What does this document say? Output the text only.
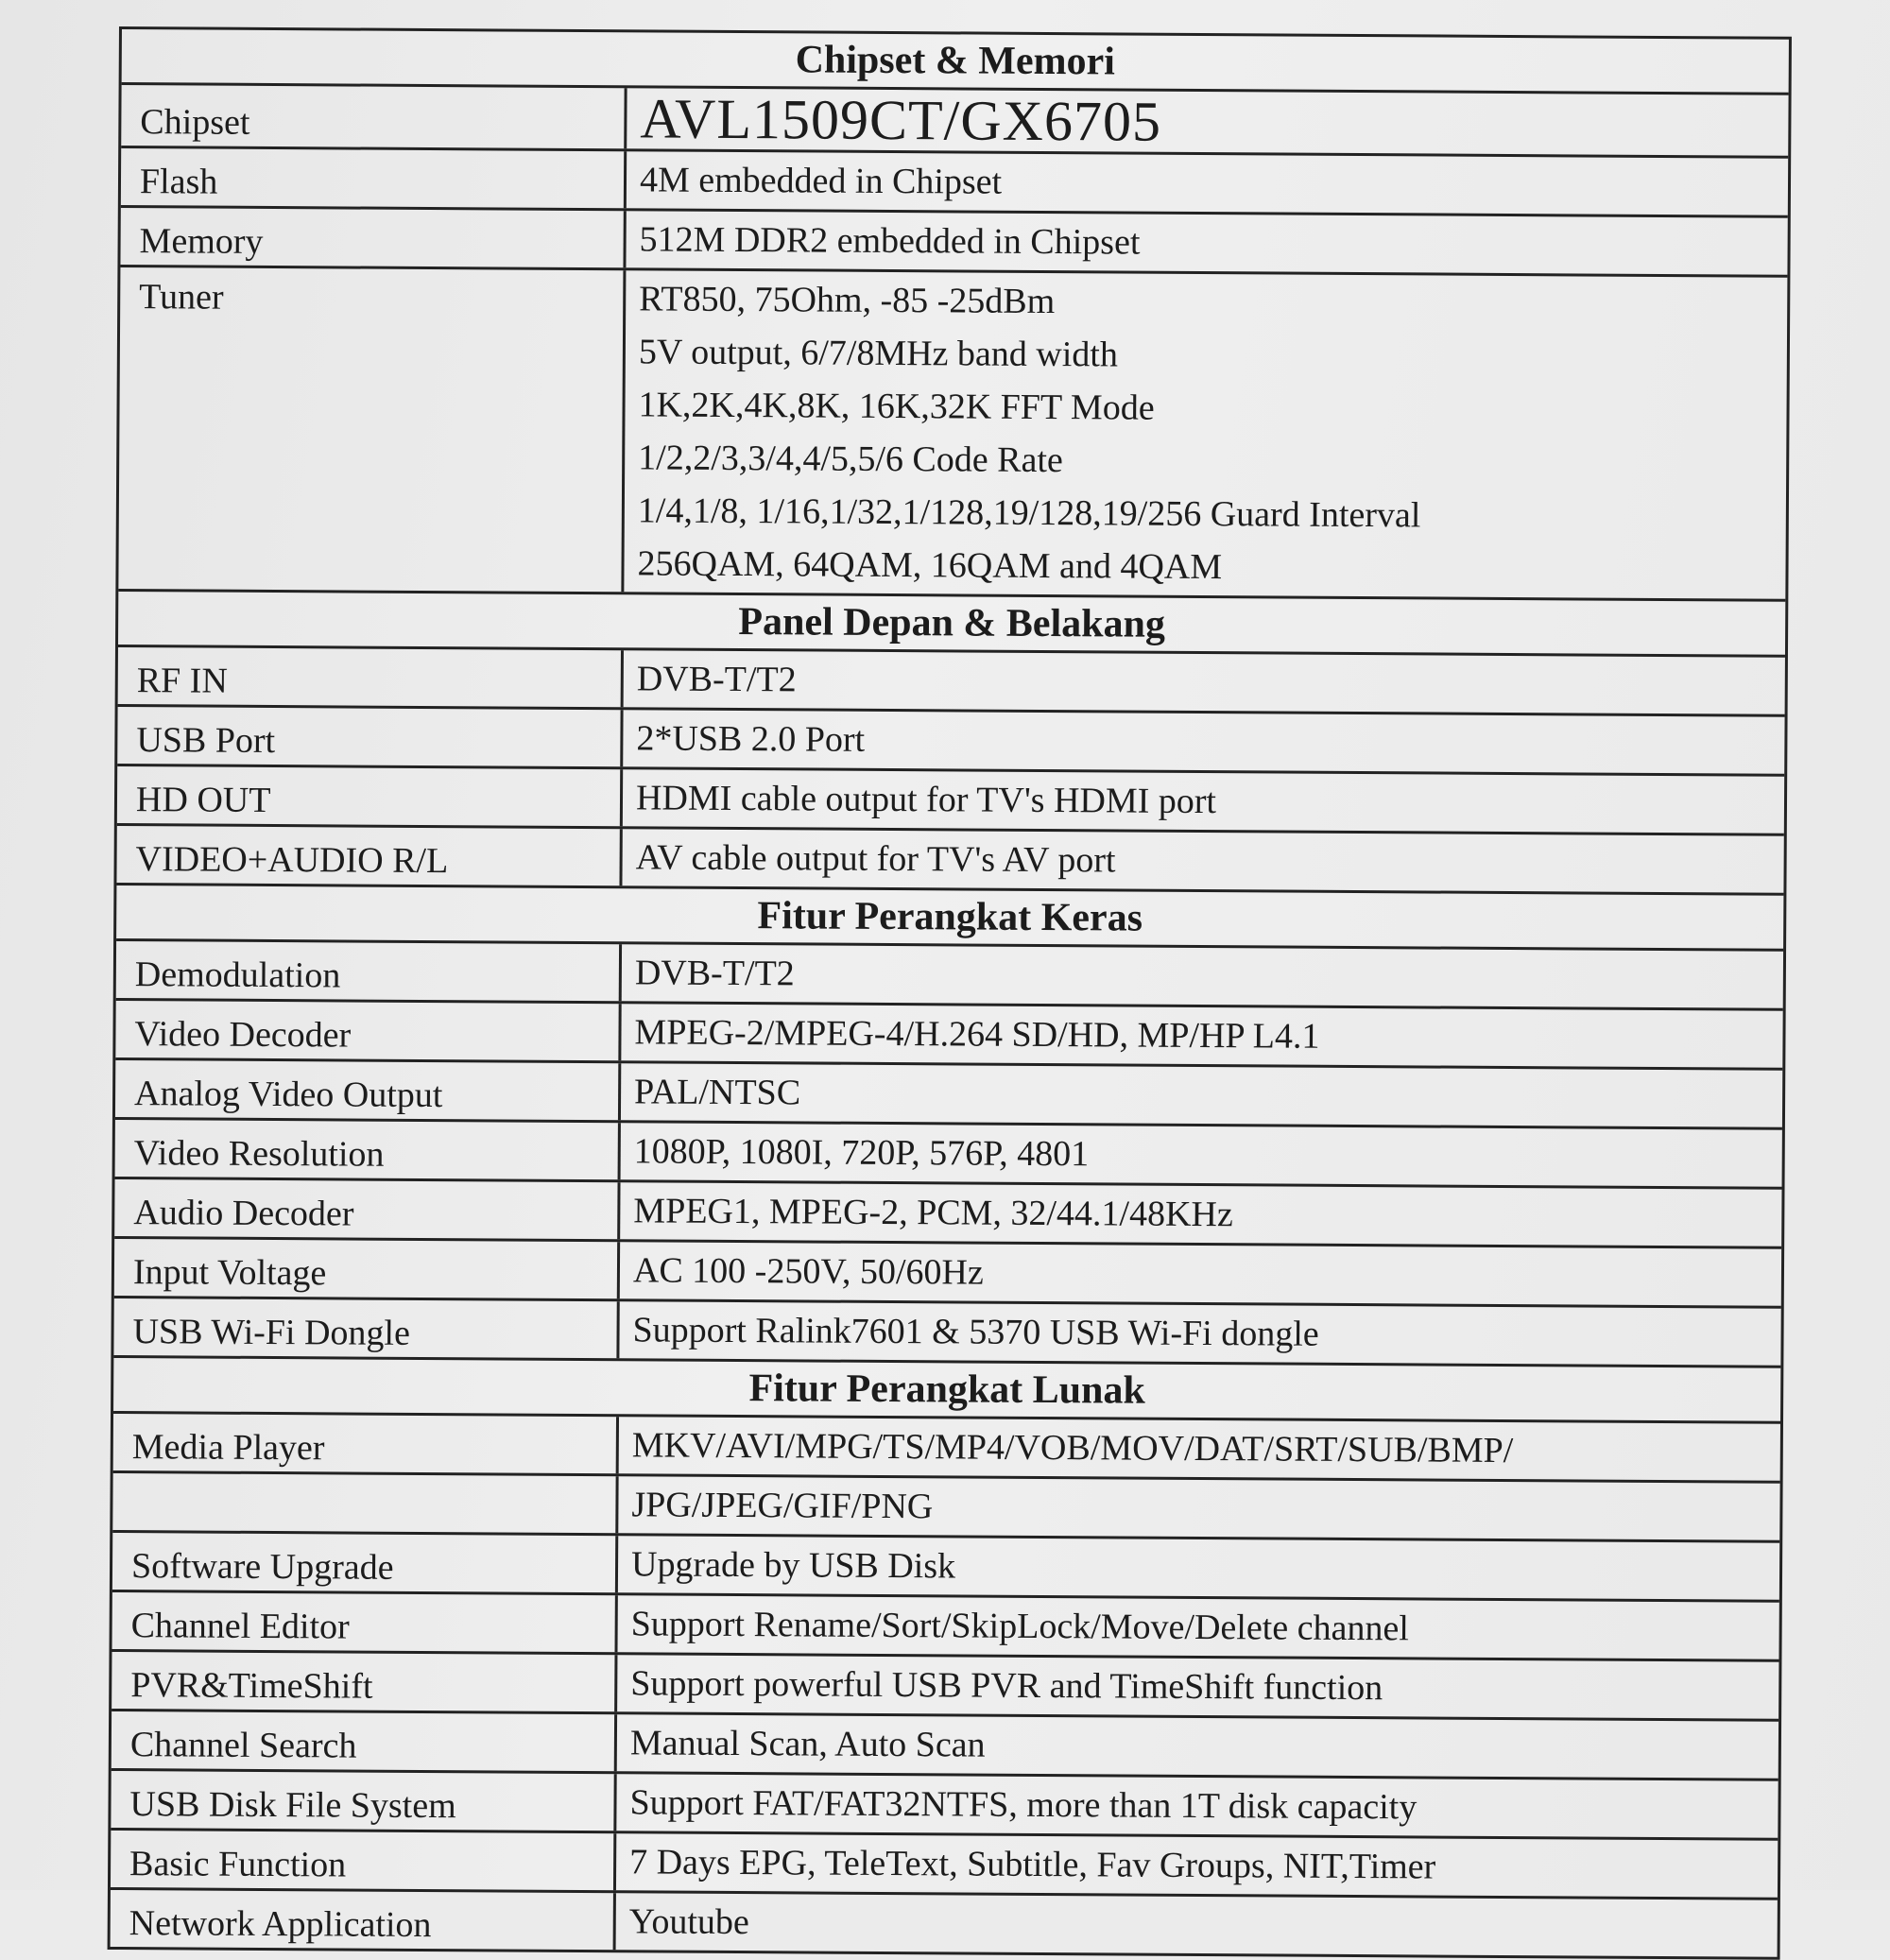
Chipset & Memori
Chipset	AVL1509CT/GX6705
Flash	4M embedded in Chipset
Memory	512M DDR2 embedded in Chipset
Tuner	RT850, 75Ohm, -85 -25dBm
5V output, 6/7/8MHz band width
1K,2K,4K,8K, 16K,32K FFT Mode
1/2,2/3,3/4,4/5,5/6 Code Rate
1/4,1/8, 1/16,1/32,1/128,19/128,19/256 Guard Interval
256QAM, 64QAM, 16QAM and 4QAM
Panel Depan & Belakang
RF IN	DVB-T/T2
USB Port	2*USB 2.0 Port
HD OUT	HDMI cable output for TV's HDMI port
VIDEO+AUDIO R/L	AV cable output for TV's AV port
Fitur Perangkat Keras
Demodulation	DVB-T/T2
Video Decoder	MPEG-2/MPEG-4/H.264 SD/HD, MP/HP L4.1
Analog Video Output	PAL/NTSC
Video Resolution	1080P, 1080I, 720P, 576P, 4801
Audio Decoder	MPEG1, MPEG-2, PCM, 32/44.1/48KHz
Input Voltage	AC 100 -250V, 50/60Hz
USB Wi-Fi Dongle	Support Ralink7601 & 5370 USB Wi-Fi dongle
Fitur Perangkat Lunak
Media Player	MKV/AVI/MPG/TS/MP4/VOB/MOV/DAT/SRT/SUB/BMP/
JPG/JPEG/GIF/PNG
Software Upgrade	Upgrade by USB Disk
Channel Editor	Support Rename/Sort/SkipLock/Move/Delete channel
PVR&TimeShift	Support powerful USB PVR and TimeShift function
Channel Search	Manual Scan, Auto Scan
USB Disk File System	Support FAT/FAT32NTFS, more than 1T disk capacity
Basic Function	7 Days EPG, TeleText, Subtitle, Fav Groups, NIT,Timer
Network Application	Youtube
